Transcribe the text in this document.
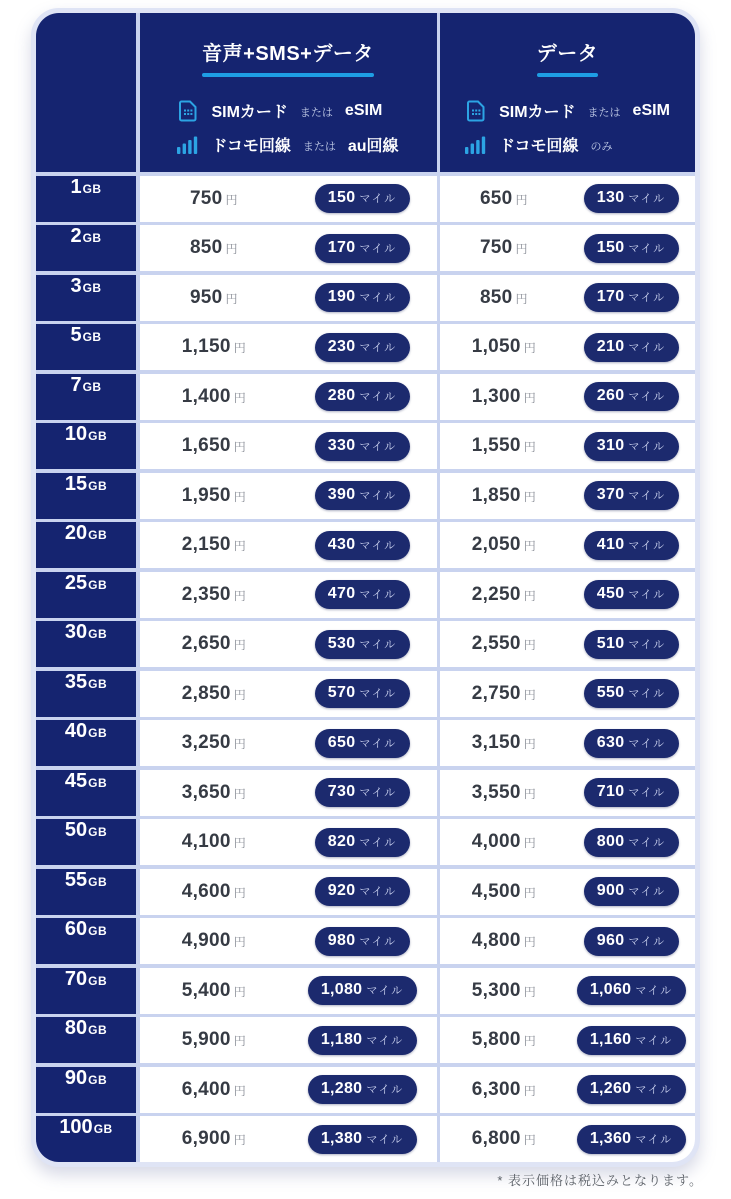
音声+SMS+データ
SIMカード または eSIM
ドコモ回線 または au回線
データ
SIMカード または eSIM
ドコモ回線 のみ
1 GB	750 円	150 マイル	650 円	130 マイル
2 GB	850 円	170 マイル	750 円	150 マイル
3 GB	950 円	190 マイル	850 円	170 マイル
5 GB	1,150 円	230 マイル	1,050 円	210 マイル
7 GB	1,400 円	280 マイル	1,300 円	260 マイル
10 GB	1,650 円	330 マイル	1,550 円	310 マイル
15 GB	1,950 円	390 マイル	1,850 円	370 マイル
20 GB	2,150 円	430 マイル	2,050 円	410 マイル
25 GB	2,350 円	470 マイル	2,250 円	450 マイル
30 GB	2,650 円	530 マイル	2,550 円	510 マイル
35 GB	2,850 円	570 マイル	2,750 円	550 マイル
40 GB	3,250 円	650 マイル	3,150 円	630 マイル
45 GB	3,650 円	730 マイル	3,550 円	710 マイル
50 GB	4,100 円	820 マイル	4,000 円	800 マイル
55 GB	4,600 円	920 マイル	4,500 円	900 マイル
60 GB	4,900 円	980 マイル	4,800 円	960 マイル
70 GB	5,400 円	1,080 マイル	5,300 円	1,060 マイル
80 GB	5,900 円	1,180 マイル	5,800 円	1,160 マイル
90 GB	6,400 円	1,280 マイル	6,300 円	1,260 マイル
100 GB	6,900 円	1,380 マイル	6,800 円	1,360 マイル
* 表示価格は税込みとなります。
